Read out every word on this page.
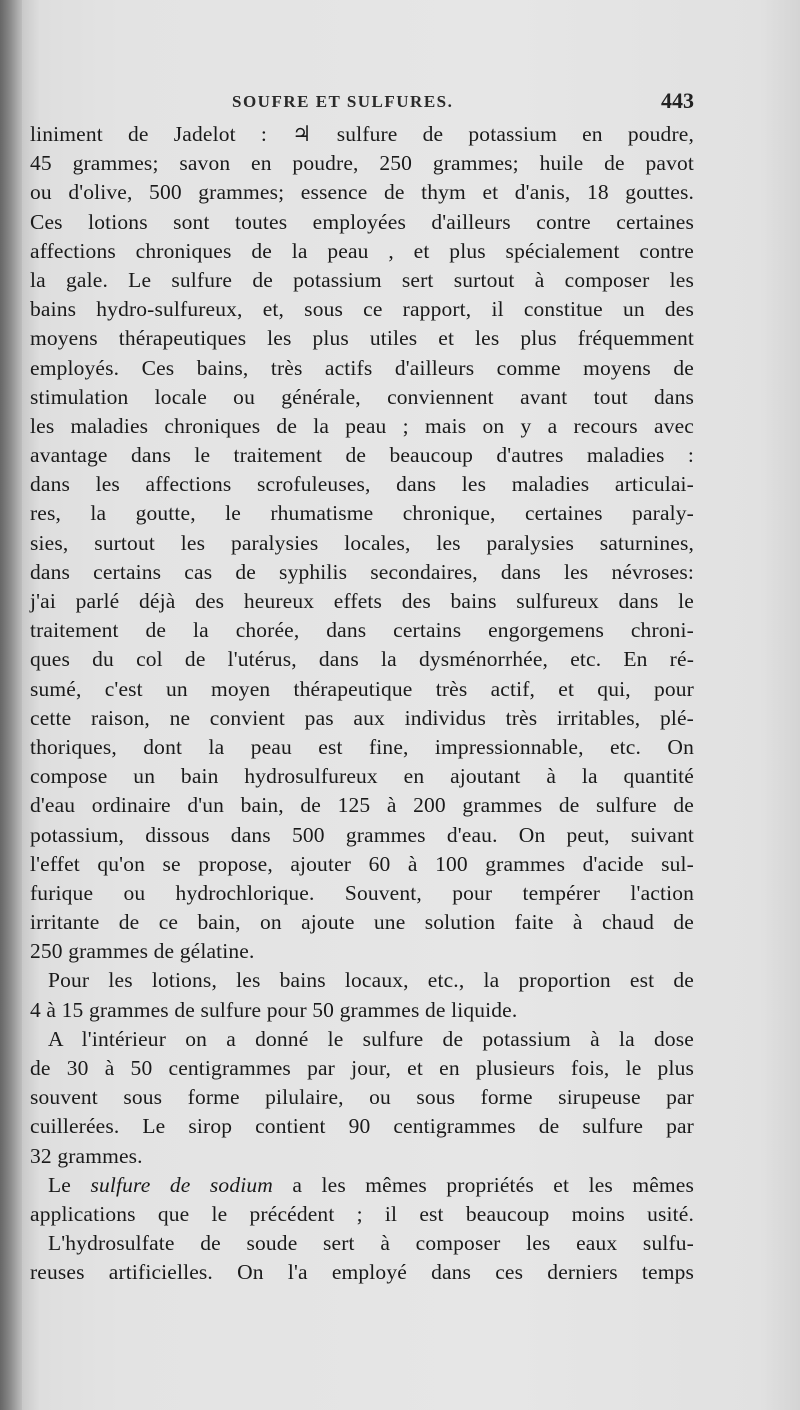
SOUFRE ET SULFURES.	443
liniment de Jadelot : ♃ sulfure de potassium en poudre,
45 grammes; savon en poudre, 250 grammes; huile de pavot
ou d'olive, 500 grammes; essence de thym et d'anis, 18 gouttes.
Ces lotions sont toutes employées d'ailleurs contre certaines
affections chroniques de la peau , et plus spécialement contre
la gale. Le sulfure de potassium sert surtout à composer les
bains hydro-sulfureux, et, sous ce rapport, il constitue un des
moyens thérapeutiques les plus utiles et les plus fréquemment
employés. Ces bains, très actifs d'ailleurs comme moyens de
stimulation locale ou générale, conviennent avant tout dans
les maladies chroniques de la peau ; mais on y a recours avec
avantage dans le traitement de beaucoup d'autres maladies :
dans les affections scrofuleuses, dans les maladies articulai-
res, la goutte, le rhumatisme chronique, certaines paraly-
sies, surtout les paralysies locales, les paralysies saturnines,
dans certains cas de syphilis secondaires, dans les névroses:
j'ai parlé déjà des heureux effets des bains sulfureux dans le
traitement de la chorée, dans certains engorgemens chroni-
ques du col de l'utérus, dans la dysménorrhée, etc. En ré-
sumé, c'est un moyen thérapeutique très actif, et qui, pour
cette raison, ne convient pas aux individus très irritables, plé-
thoriques, dont la peau est fine, impressionnable, etc. On
compose un bain hydrosulfureux en ajoutant à la quantité
d'eau ordinaire d'un bain, de 125 à 200 grammes de sulfure de
potassium, dissous dans 500 grammes d'eau. On peut, suivant
l'effet qu'on se propose, ajouter 60 à 100 grammes d'acide sul-
furique ou hydrochlorique. Souvent, pour tempérer l'action
irritante de ce bain, on ajoute une solution faite à chaud de
250 grammes de gélatine.
Pour les lotions, les bains locaux, etc., la proportion est de
4 à 15 grammes de sulfure pour 50 grammes de liquide.
A l'intérieur on a donné le sulfure de potassium à la dose
de 30 à 50 centigrammes par jour, et en plusieurs fois, le plus
souvent sous forme pilulaire, ou sous forme sirupeuse par
cuillerées. Le sirop contient 90 centigrammes de sulfure par
32 grammes.
Le sulfure de sodium a les mêmes propriétés et les mêmes
applications que le précédent ; il est beaucoup moins usité.
L'hydrosulfate de soude sert à composer les eaux sulfu-
reuses artificielles. On l'a employé dans ces derniers temps
